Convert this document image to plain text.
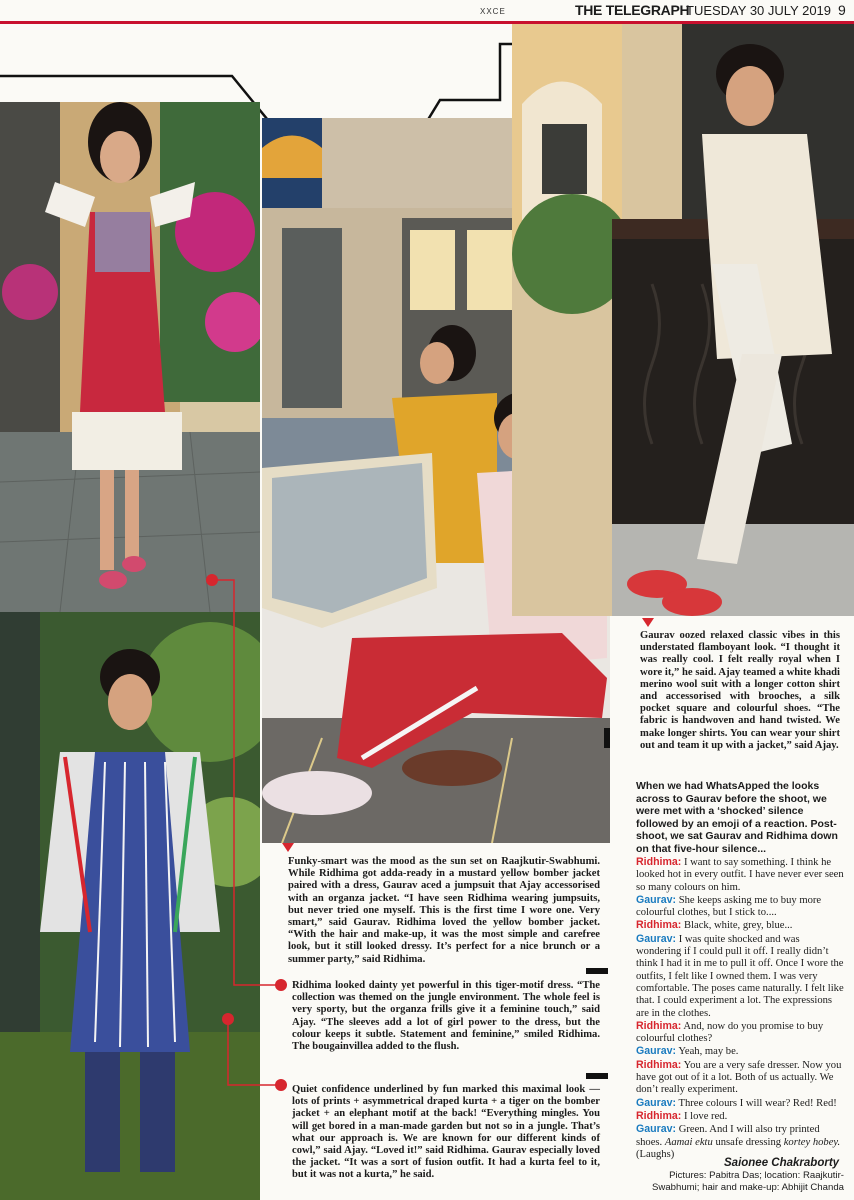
XXCE	THE TELEGRAPH
TUESDAY 30 JULY 2019 9

Funky-smart was the mood as the sun set on Raajkutir-Swabhumi. While Ridhima got adda-ready in a mustard yellow bomber jacket paired with a dress, Gaurav aced a jumpsuit that Ajay accessorised with an organza jacket. “I have seen Ridhima wearing jumpsuits, but never tried one myself. This is the first time I wore one. Very smart,” said Gaurav. Ridhima loved the yellow bomber jacket. “With the hair and make-up, it was the most simple and carefree look, but it still looked dressy. It’s perfect for a nice brunch or a summer party,” said Ridhima.

Ridhima looked dainty yet powerful in this tiger-motif dress. “The collection was themed on the jungle environment. The whole feel is very sporty, but the organza frills give it a feminine touch,” said Ajay. “The sleeves add a lot of girl power to the dress, but the colour keeps it subtle. Statement and feminine,” smiled Ridhima. The bougainvillea added to the flush.

Quiet confidence underlined by fun marked this maximal look — lots of prints + asymmetrical draped kurta + a tiger on the bomber jacket + an elephant motif at the back! “Everything mingles. You will get bored in a man-made garden but not so in a jungle. That’s what our approach is. We are known for our different kinds of cowl,” said Ajay. “Loved it!” said Ridhima. Gaurav especially loved the jacket. “It was a sort of fusion outfit. It had a kurta feel to it, but it was not a kurta,” he said.

Gaurav oozed relaxed classic vibes in this understated flamboyant look. “I thought it was really cool. I felt really royal when I wore it,” he said. Ajay teamed a white khadi merino wool suit with a longer cotton shirt and accessorised with brooches, a silk pocket square and colourful shoes. “The fabric is handwoven and hand twisted. We make longer shirts. You can wear your shirt out and team it up with a jacket,” said Ajay.

When we had WhatsApped the looks across to Gaurav before the shoot, we were met with a ‘shocked’ silence followed by an emoji of a reaction. Post-shoot, we sat Gaurav and Ridhima down on that five-hour silence...

Ridhima: I want to say something. I think he looked hot in every outfit. I have never ever seen so many colours on him.

Gaurav: She keeps asking me to buy more colourful clothes, but I stick to....

Ridhima: Black, white, grey, blue...

Gaurav: I was quite shocked and was wondering if I could pull it off. I really didn’t think I had it in me to pull it off. Once I wore the outfits, I felt like I owned them. I was very comfortable. The poses came naturally. I felt like that. I could experiment a lot. The expressions are in the clothes.

Ridhima: And, now do you promise to buy colourful clothes?

Gaurav: Yeah, may be.

Ridhima: You are a very safe dresser. Now you have got out of it a lot. Both of us actually. We don’t really experiment.

Gaurav: Three colours I will wear? Red! Red!

Ridhima: I love red.

Gaurav: Green. And I will also try printed shoes. Aamai ektu unsafe dressing kortey hobey. (Laughs)

Saionee Chakraborty
Pictures: Pabitra Das; location: Raajkutir-Swabhumi; hair and make-up: Abhijit Chanda
